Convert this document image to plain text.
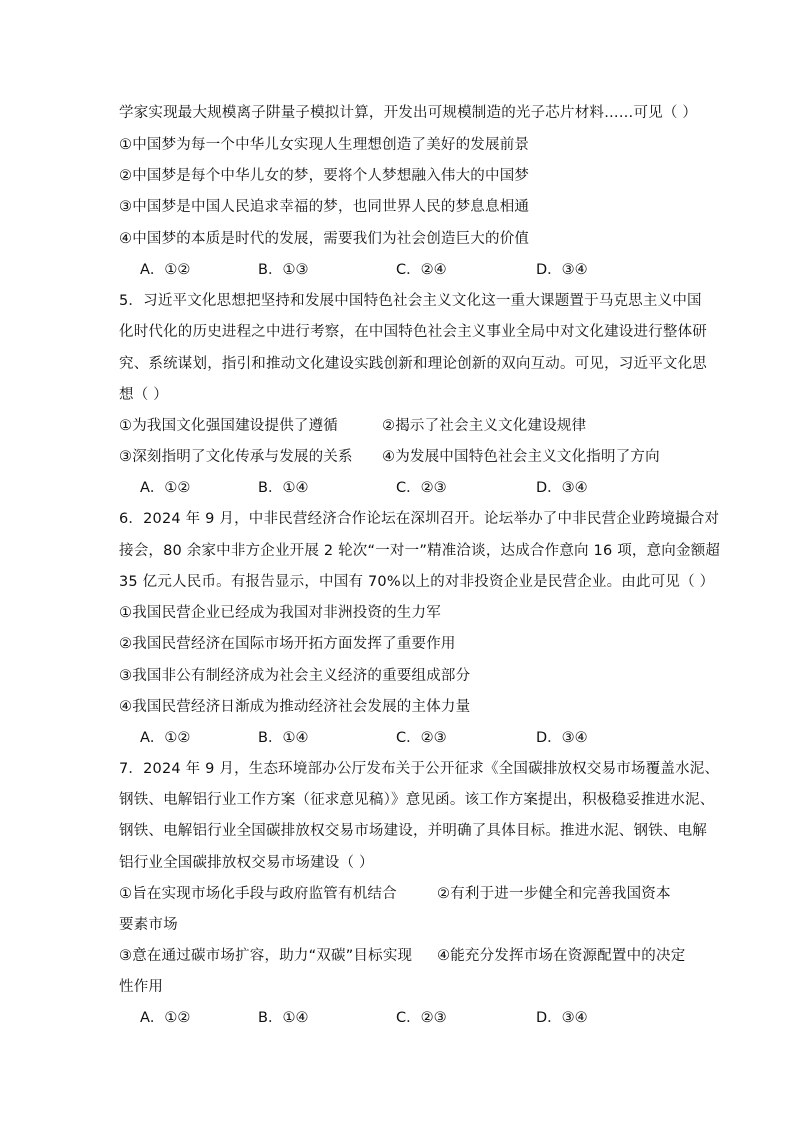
学家实现最大规模离子阱量子模拟计算，开发出可规模制造的光子芯片材料……可见（ ）
①中国梦为每一个中华儿女实现人生理想创造了美好的发展前景
②中国梦是每个中华儿女的梦，要将个人梦想融入伟大的中国梦
③中国梦是中国人民追求幸福的梦，也同世界人民的梦息息相通
④中国梦的本质是时代的发展，需要我们为社会创造巨大的价值
A．①②	B．①③	C．②④	D．③④
5．习近平文化思想把坚持和发展中国特色社会主义文化这一重大课题置于马克思主义中国
化时代化的历史进程之中进行考察，在中国特色社会主义事业全局中对文化建设进行整体研
究、系统谋划，指引和推动文化建设实践创新和理论创新的双向互动。可见，习近平文化思
想（ ）
①为我国文化强国建设提供了遵循	②揭示了社会主义文化建设规律
③深刻指明了文化传承与发展的关系 ④为发展中国特色社会主义文化指明了方向
A．①②	B．①④	C．②③	D．③④
6．2024 年 9 月，中非民营经济合作论坛在深圳召开。论坛举办了中非民营企业跨境撮合对
接会，80 余家中非方企业开展 2 轮次“一对一”精准洽谈，达成合作意向 16 项，意向金额超
35 亿元人民币。有报告显示，中国有 70%以上的对非投资企业是民营企业。由此可见（ ）
①我国民营企业已经成为我国对非洲投资的生力军
②我国民营经济在国际市场开拓方面发挥了重要作用
③我国非公有制经济成为社会主义经济的重要组成部分
④我国民营经济日渐成为推动经济社会发展的主体力量
A．①②	B．①④	C．②③	D．③④
7．2024 年 9 月，生态环境部办公厅发布关于公开征求《全国碳排放权交易市场覆盖水泥、
钢铁、电解铝行业工作方案（征求意见稿）》意见函。该工作方案提出，积极稳妥推进水泥、
钢铁、电解铝行业全国碳排放权交易市场建设，并明确了具体目标。推进水泥、钢铁、电解
铝行业全国碳排放权交易市场建设（ ）
①旨在实现市场化手段与政府监管有机结合	②有利于进一步健全和完善我国资本
要素市场
③意在通过碳市场扩容，助力“双碳”目标实现 ④能充分发挥市场在资源配置中的决定
性作用
A．①②	B．①④	C．②③	D．③④
